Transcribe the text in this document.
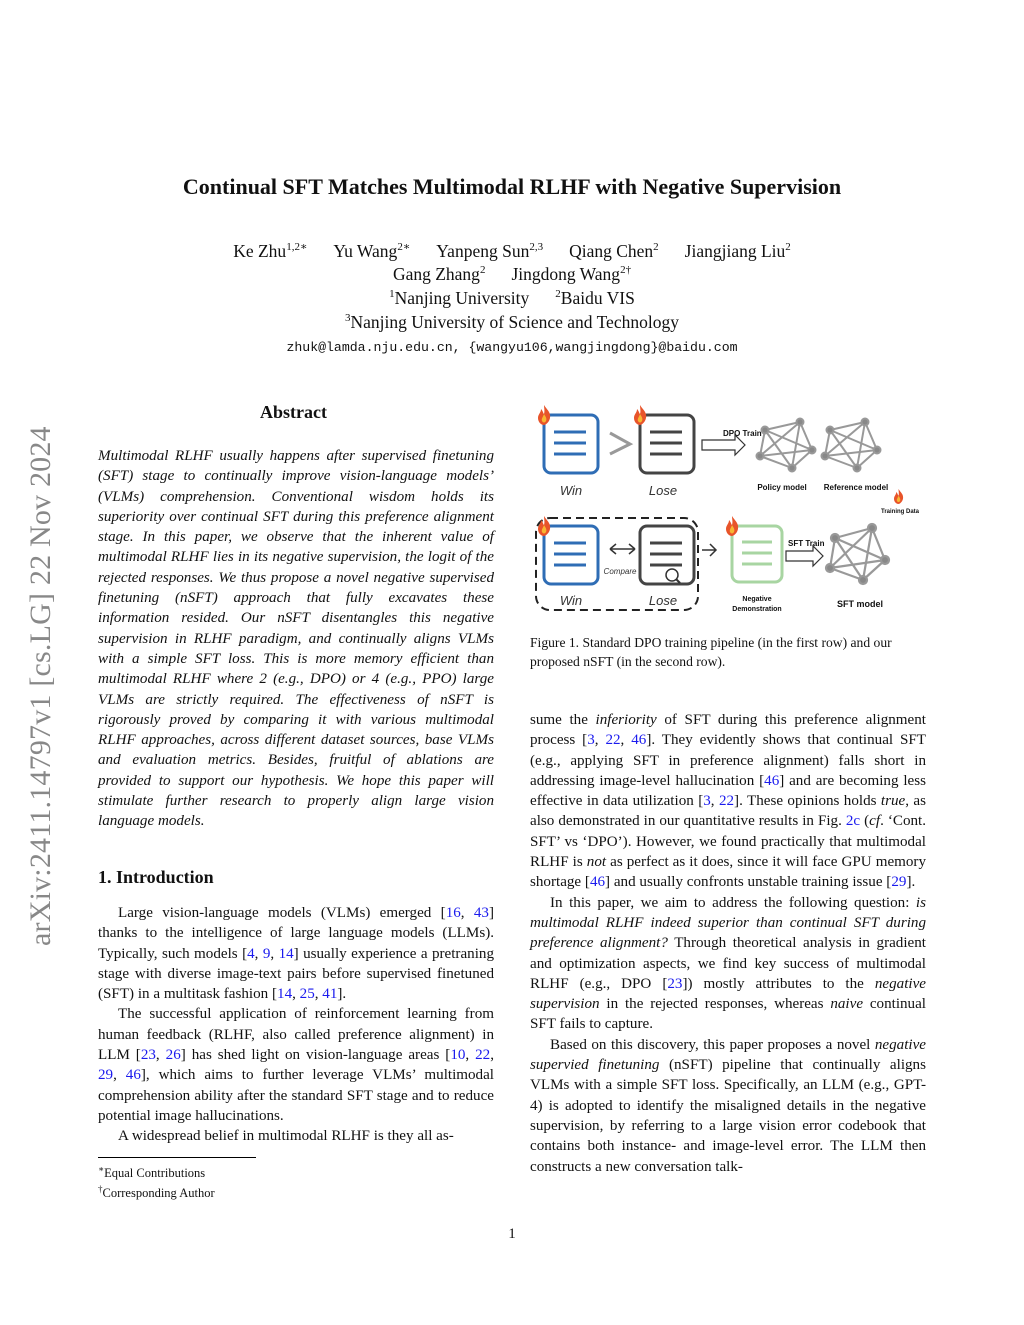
Continual SFT Matches Multimodal RLHF with Negative Supervision
Ke Zhu$^{1,2∗}$ Yu Wang$^{2∗}$ Yanpeng Sun$^{2,3}$ Qiang Chen$^2$ Jiangjiang Liu$^2$
Gang Zhang$^2$ Jingdong Wang$^{2\dagger}$
$^1$Nanjing University $^2$Baidu VIS
$^3$Nanjing University of Science and Technology
zhuk@lamda.nju.edu.cn, {wangyu106,wangjingdong}@baidu.com
arXiv:2411.14797v1 [cs.LG] 22 Nov 2024
Abstract

Multimodal RLHF usually happens after supervised finetuning (SFT) stage to continually improve vision-language models’ (VLMs) comprehension. Conventional wisdom holds its superiority over continual SFT during this preference alignment stage. In this paper, we observe that the inherent value of multimodal RLHF lies in its negative supervision, the logit of the rejected responses. We thus propose a novel negative supervised finetuning (nSFT) approach that fully excavates these information resided. Our nSFT disentangles this negative supervision in RLHF paradigm, and continually aligns VLMs with a simple SFT loss. This is more memory efficient than multimodal RLHF where 2 (e.g., DPO) or 4 (e.g., PPO) large VLMs are strictly required. The effectiveness of nSFT is rigorously proved by comparing it with various multimodal RLHF approaches, across different dataset sources, base VLMs and evaluation metrics. Besides, fruitful of ablations are provided to support our hypothesis. We hope this paper will stimulate further research to properly align large vision language models.

1. Introduction

Large vision-language models (VLMs) emerged [16, 43] thanks to the intelligence of large language models (LLMs). Typically, such models [4, 9, 14] usually experience a pretraning stage with diverse image-text pairs before supervised finetuned (SFT) in a multitask fashion [14, 25, 41].

The successful application of reinforcement learning from human feedback (RLHF, also called preference alignment) in LLM [23, 26] has shed light on vision-language areas [10, 22, 29, 46], which aims to further leverage VLMs’ multimodal comprehension ability after the standard SFT stage and to reduce potential image hallucinations.

A widespread belief in multimodal RLHF is they all as-

∗Equal Contributions
†Corresponding Author
Win	Lose
DPO Train
Policy model Reference model
Training Data
Win
Compare
Lose	Negative
Demonstration
SFT Train
SFT model
Figure 1. Standard DPO training pipeline (in the first row) and our proposed nSFT (in the second row).

sume the inferiority of SFT during this preference alignment process [3, 22, 46]. They evidently shows that continual SFT (e.g., applying SFT in preference alignment) falls short in addressing image-level hallucination [46] and are becoming less effective in data utilization [3, 22]. These opinions holds true, as also demonstrated in our quantitative results in Fig. 2c (cf. ‘Cont. SFT’ vs ‘DPO’). However, we found practically that multimodal RLHF is not as perfect as it does, since it will face GPU memory shortage [46] and usually confronts unstable training issue [29].

In this paper, we aim to address the following question: is multimodal RLHF indeed superior than continual SFT during preference alignment? Through theoretical analysis in gradient and optimization aspects, we find key success of multimodal RLHF (e.g., DPO [23]) mostly attributes to the negative supervision in the rejected responses, whereas naive continual SFT fails to capture.

Based on this discovery, this paper proposes a novel negative supervied finetuning (nSFT) pipeline that continually aligns VLMs with a simple SFT loss. Specifically, an LLM (e.g., GPT-4) is adopted to identify the misaligned details in the negative supervision, by referring to a large vision error codebook that contains both instance- and image-level error. The LLM then constructs a new conversation talk-

1
